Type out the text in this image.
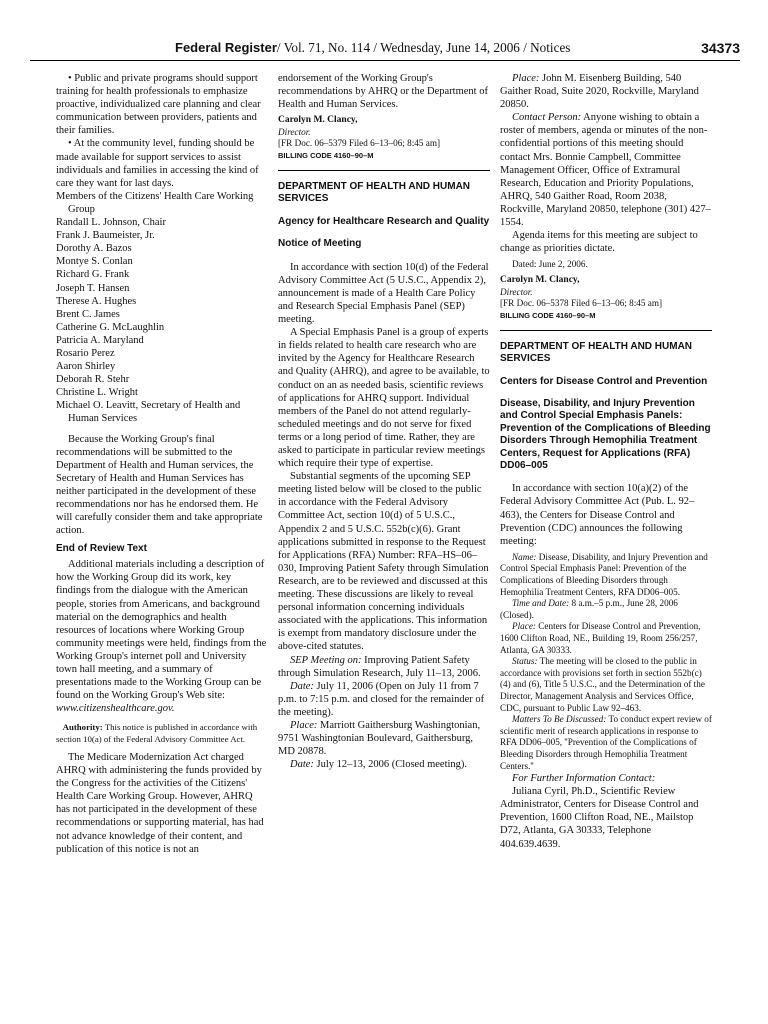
Federal Register/ Vol. 71, No. 114 / Wednesday, June 14, 2006 / Notices	34373

• Public and private programs should support training for health professionals to emphasize proactive, individualized care planning and clear communication between providers, patients and their families.

• At the community level, funding should be made available for support services to assist individuals and families in accessing the kind of care they want for last days.

Members of the Citizens' Health Care Working Group

Randall L. Johnson, Chair

Frank J. Baumeister, Jr.

Dorothy A. Bazos

Montye S. Conlan

Richard G. Frank

Joseph T. Hansen

Therese A. Hughes

Brent C. James

Catherine G. McLaughlin

Patricia A. Maryland

Rosario Perez

Aaron Shirley

Deborah R. Stehr

Christine L. Wright

Michael O. Leavitt, Secretary of Health and Human Services

Because the Working Group's final recommendations will be submitted to the Department of Health and Human services, the Secretary of Health and Human Services has neither participated in the development of these recommendations nor has he endorsed them. He will carefully consider them and take appropriate action.

End of Review Text

Additional materials including a description of how the Working Group did its work, key findings from the dialogue with the American people, stories from Americans, and background material on the demographics and health resources of locations where Working Group community meetings were held, findings from the Working Group's internet poll and University town hall meeting, and a summary of presentations made to the Working Group can be found on the Working Group's Web site:

www.citizenshealthcare.gov.

Authority: This notice is published in accordance with section 10(a) of the Federal Advisory Committee Act.

The Medicare Modernization Act charged AHRQ with administering the funds provided by the Congress for the activities of the Citizens' Health Care Working Group. However, AHRQ has not participated in the development of these recommendations or supporting material, has had not advance knowledge of their content, and publication of this notice is not an

endorsement of the Working Group's recommendations by AHRQ or the Department of Health and Human Services.

Carolyn M. Clancy,

Director.

[FR Doc. 06–5379 Filed 6–13–06; 8:45 am]

BILLING CODE 4160–90–M

DEPARTMENT OF HEALTH AND HUMAN SERVICES

Agency for Healthcare Research and Quality

Notice of Meeting

In accordance with section 10(d) of the Federal Advisory Committee Act (5 U.S.C., Appendix 2), announcement is made of a Health Care Policy and Research Special Emphasis Panel (SEP) meeting.

A Special Emphasis Panel is a group of experts in fields related to health care research who are invited by the Agency for Healthcare Research and Quality (AHRQ), and agree to be available, to conduct on an as needed basis, scientific reviews of applications for AHRQ support. Individual members of the Panel do not attend regularly-scheduled meetings and do not serve for fixed terms or a long period of time. Rather, they are asked to participate in particular review meetings which require their type of expertise.

Substantial segments of the upcoming SEP meeting listed below will be closed to the public in accordance with the Federal Advisory Committee Act, section 10(d) of 5 U.S.C., Appendix 2 and 5 U.S.C. 552b(c)(6). Grant applications submitted in response to the Request for Applications (RFA) Number: RFA–HS–06–030, Improving Patient Safety through Simulation Research, are to be reviewed and discussed at this meeting. These discussions are likely to reveal personal information concerning individuals associated with the applications. This information is exempt from mandatory disclosure under the above-cited statutes.

SEP Meeting on: Improving Patient Safety through Simulation Research, July 11–13, 2006.

Date: July 11, 2006 (Open on July 11 from 7 p.m. to 7:15 p.m. and closed for the remainder of the meeting).

Place: Marriott Gaithersburg Washingtonian, 9751 Washingtonian Boulevard, Gaithersburg, MD 20878.

Date: July 12–13, 2006 (Closed meeting).

Place: John M. Eisenberg Building, 540 Gaither Road, Suite 2020, Rockville, Maryland 20850.

Contact Person: Anyone wishing to obtain a roster of members, agenda or minutes of the non-confidential portions of this meeting should contact Mrs. Bonnie Campbell, Committee Management Officer, Office of Extramural Research, Education and Priority Populations, AHRQ, 540 Gaither Road, Room 2038, Rockville, Maryland 20850, telephone (301) 427–1554.

Agenda items for this meeting are subject to change as priorities dictate.

Dated: June 2, 2006.

Carolyn M. Clancy,

Director.

[FR Doc. 06–5378 Filed 6–13–06; 8:45 am]

BILLING CODE 4160–90–M

DEPARTMENT OF HEALTH AND HUMAN SERVICES

Centers for Disease Control and Prevention

Disease, Disability, and Injury Prevention and Control Special Emphasis Panels: Prevention of the Complications of Bleeding Disorders Through Hemophilia Treatment Centers, Request for Applications (RFA) DD06–005

In accordance with section 10(a)(2) of the Federal Advisory Committee Act (Pub. L. 92–463), the Centers for Disease Control and Prevention (CDC) announces the following meeting:

Name: Disease, Disability, and Injury Prevention and Control Special Emphasis Panel: Prevention of the Complications of Bleeding Disorders through Hemophilia Treatment Centers, RFA DD06–005.

Time and Date: 8 a.m.–5 p.m., June 28, 2006 (Closed).

Place: Centers for Disease Control and Prevention, 1600 Clifton Road, NE., Building 19, Room 256/257, Atlanta, GA 30333.

Status: The meeting will be closed to the public in accordance with provisions set forth in section 552b(c)(4) and (6), Title 5 U.S.C., and the Determination of the Director, Management Analysis and Services Office, CDC, pursuant to Public Law 92–463.

Matters To Be Discussed: To conduct expert review of scientific merit of research applications in response to RFA DD06–005, ''Prevention of the Complications of Bleeding Disorders through Hemophilia Treatment Centers.''

For Further Information Contact:

Juliana Cyril, Ph.D., Scientific Review Administrator, Centers for Disease Control and Prevention, 1600 Clifton Road, NE., Mailstop D72, Atlanta, GA 30333, Telephone 404.639.4639.
